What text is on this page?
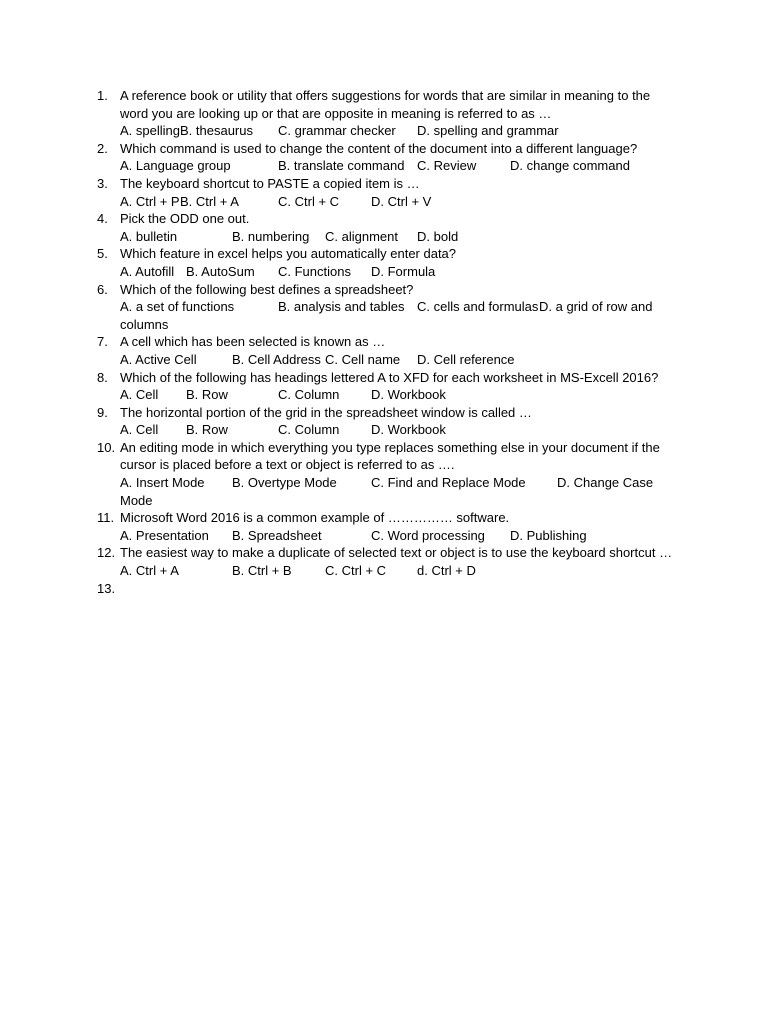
1. A reference book or utility that offers suggestions for words that are similar in meaning to the
word you are looking up or that are opposite in meaning is referred to as …
A. spelling B. thesaurus C. grammar checker D. spelling and grammar
2. Which command is used to change the content of the document into a different language?
A. Language group	B. translate command C. Review	D. change command
3. The keyboard shortcut to PASTE a copied item is …
A. Ctrl + P B. Ctrl + A	C. Ctrl + C D. Ctrl + V
4. Pick the ODD one out.
A. bulletin	B. numbering C. alignment D. bold
5. Which feature in excel helps you automatically enter data?
A. Autofill B. AutoSum C. Functions D. Formula
6. Which of the following best defines a spreadsheet?
A. a set of functions	B. analysis and tables C. cells and formulas D. a grid of row and
columns
7. A cell which has been selected is known as …
A. Active Cell	B. Cell Address C. Cell name D. Cell reference
8. Which of the following has headings lettered A to XFD for each worksheet in MS-Excell 2016?
A. Cell B. Row	C. Column D. Workbook
9. The horizontal portion of the grid in the spreadsheet window is called …
A. Cell B. Row	C. Column D. Workbook
10. An editing mode in which everything you type replaces something else in your document if the
cursor is placed before a text or object is referred to as ….
A. Insert Mode B. Overtype Mode	C. Find and Replace Mode D. Change Case
Mode
11. Microsoft Word 2016 is a common example of …………… software.
A. Presentation B. Spreadsheet	C. Word processing D. Publishing
12. The easiest way to make a duplicate of selected text or object is to use the keyboard shortcut …
A. Ctrl + A	B. Ctrl + B	C. Ctrl + C d. Ctrl + D
13.
